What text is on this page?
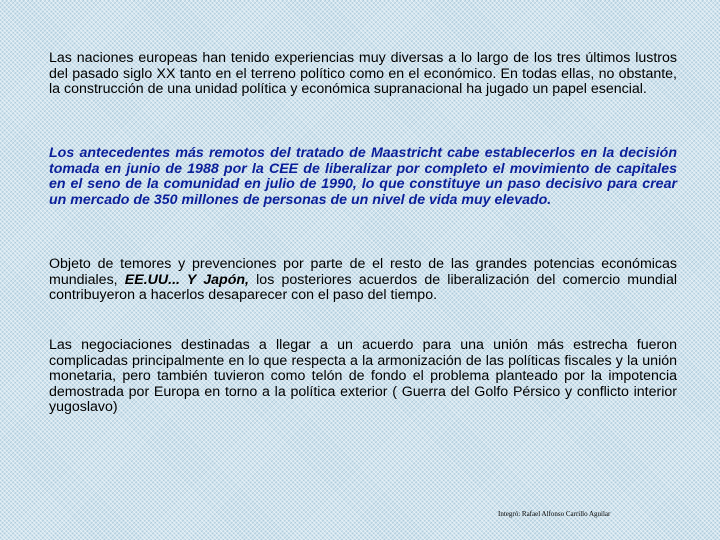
Las naciones europeas han tenido experiencias muy diversas a lo largo de los tres últimos lustros del pasado siglo XX tanto en el terreno político como en el económico. En todas ellas, no obstante, la construcción de una unidad política y económica supranacional ha jugado un papel esencial.
Los antecedentes más remotos del tratado de Maastricht cabe establecerlos en la decisión tomada en junio de 1988 por la CEE de liberalizar por completo el movimiento de capitales en el seno de la comunidad en julio de 1990, lo que constituye un paso decisivo para crear un mercado de 350 millones de personas de un nivel de vida muy elevado.
Objeto de temores y prevenciones por parte de el resto de las grandes potencias económicas mundiales, EE.UU... Y Japón, los posteriores acuerdos de liberalización del comercio mundial contribuyeron a hacerlos desaparecer con el paso del tiempo.
Las negociaciones destinadas a llegar a un acuerdo para una unión más estrecha fueron complicadas principalmente en lo que respecta a la armonización de las políticas fiscales y la unión monetaria, pero también tuvieron como telón de fondo el problema planteado por la impotencia demostrada por Europa en torno a la política exterior ( Guerra del Golfo Pérsico y conflicto interior yugoslavo)
Integró: Rafael Alfonso Carrillo Aguilar
